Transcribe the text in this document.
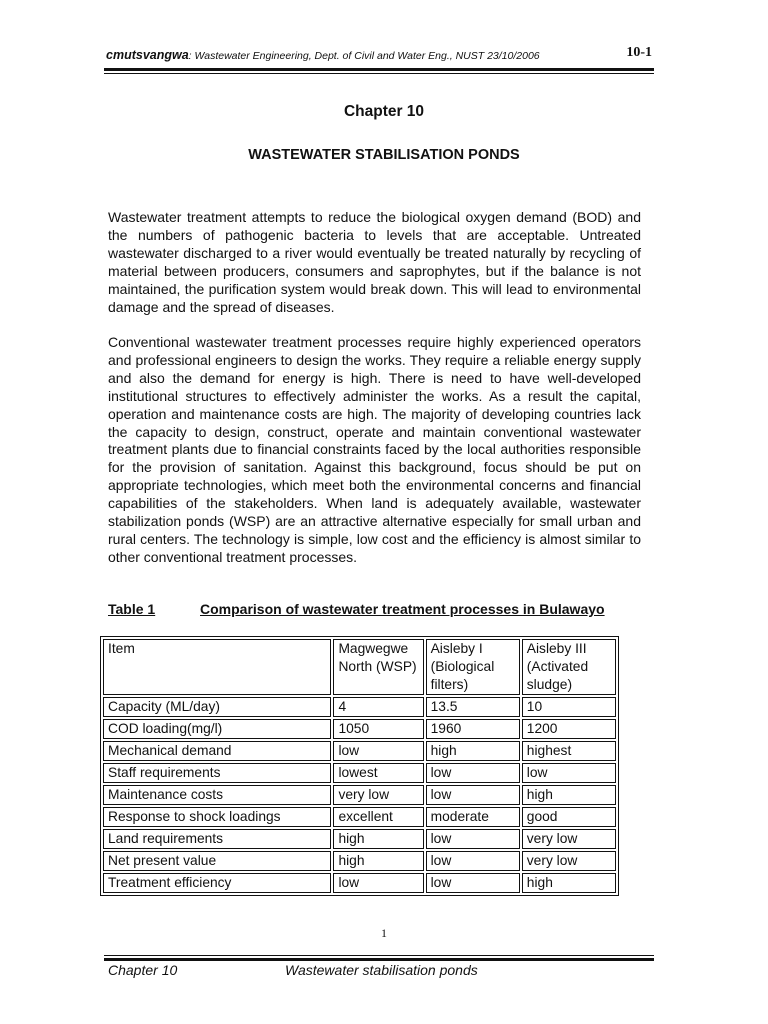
cmutsvangwa: Wastewater Engineering, Dept. of Civil and Water Eng., NUST 23/10/2006	10-1
Chapter 10
WASTEWATER STABILISATION PONDS

Wastewater treatment attempts to reduce the biological oxygen demand (BOD) and the numbers of pathogenic bacteria to levels that are acceptable. Untreated wastewater discharged to a river would eventually be treated naturally by recycling of material between producers, consumers and saprophytes, but if the balance is not maintained, the purification system would break down. This will lead to environmental damage and the spread of diseases.

Conventional wastewater treatment processes require highly experienced operators and professional engineers to design the works. They require a reliable energy supply and also the demand for energy is high. There is need to have well-developed institutional structures to effectively administer the works. As a result the capital, operation and maintenance costs are high. The majority of developing countries lack the capacity to design, construct, operate and maintain conventional wastewater treatment plants due to financial constraints faced by the local authorities responsible for the provision of sanitation. Against this background, focus should be put on appropriate technologies, which meet both the environmental concerns and financial capabilities of the stakeholders. When land is adequately available, wastewater stabilization ponds (WSP) are an attractive alternative especially for small urban and rural centers. The technology is simple, low cost and the efficiency is almost similar to other conventional treatment processes.

Table 1	Comparison of wastewater treatment processes in Bulawayo
Item	Magwegwe North (WSP)	Aisleby I (Biological filters)	Aisleby III (Activated sludge)
Capacity (ML/day)	4	13.5	10
COD loading(mg/l)	1050	1960	1200
Mechanical demand	low	high	highest
Staff requirements	lowest	low	low
Maintenance costs	very low	low	high
Response to shock loadings	excellent	moderate	good
Land requirements	high	low	very low
Net present value	high	low	very low
Treatment efficiency	low	low	high
1
Chapter 10	Wastewater stabilisation ponds
